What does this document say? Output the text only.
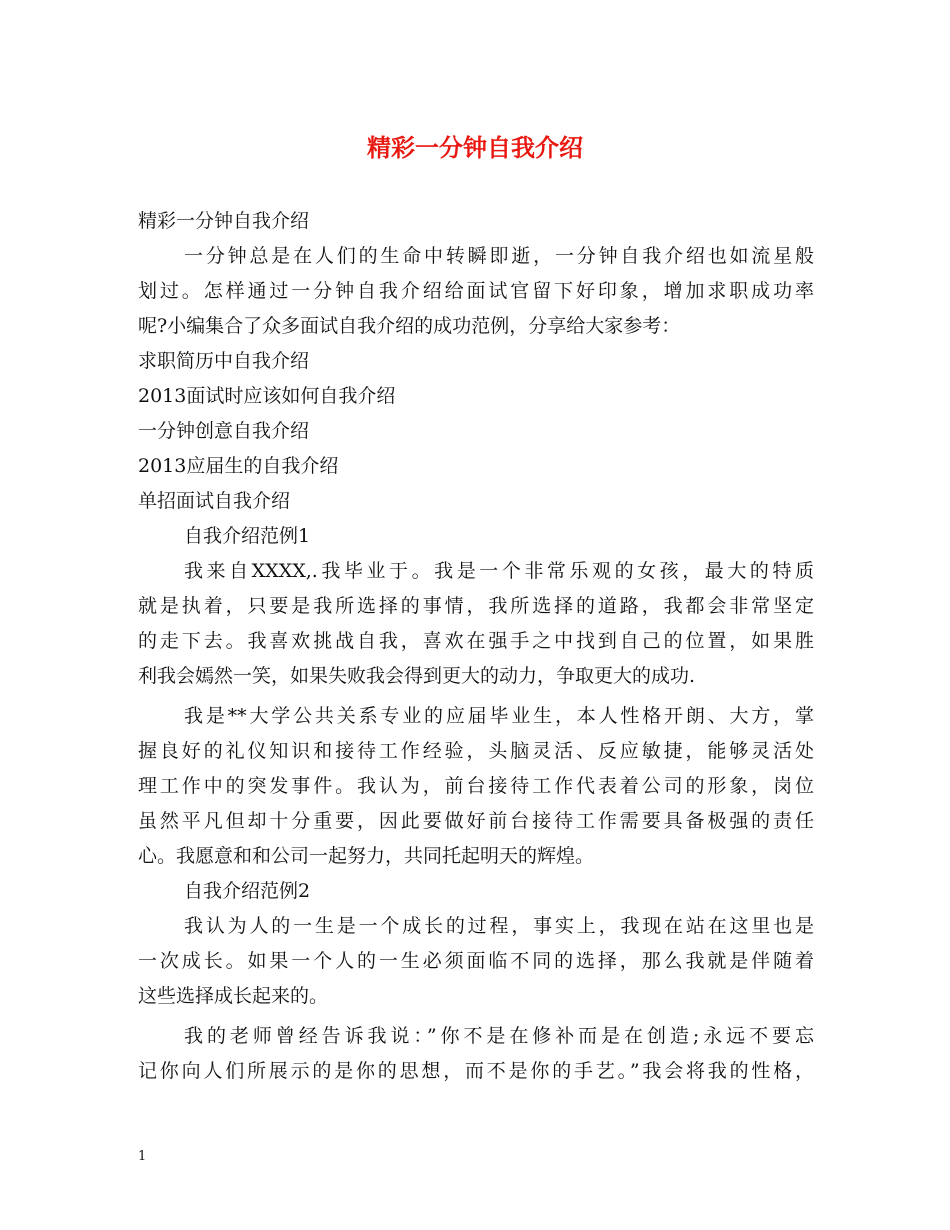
精彩一分钟自我介绍
精彩一分钟自我介绍
一分钟总是在人们的生命中转瞬即逝，一分钟自我介绍也如流星般
划过。怎样通过一分钟自我介绍给面试官留下好印象，增加求职成功率
呢?小编集合了众多面试自我介绍的成功范例，分享给大家参考：
求职简历中自我介绍
2013面试时应该如何自我介绍
一分钟创意自我介绍
2013应届生的自我介绍
单招面试自我介绍
自我介绍范例1
我来自XXXX,.我毕业于。我是一个非常乐观的女孩，最大的特质
就是执着，只要是我所选择的事情，我所选择的道路，我都会非常坚定
的走下去。我喜欢挑战自我，喜欢在强手之中找到自己的位置，如果胜
利我会嫣然一笑，如果失败我会得到更大的动力，争取更大的成功.
我是**大学公共关系专业的应届毕业生，本人性格开朗、大方，掌
握良好的礼仪知识和接待工作经验，头脑灵活、反应敏捷，能够灵活处
理工作中的突发事件。我认为，前台接待工作代表着公司的形象，岗位
虽然平凡但却十分重要，因此要做好前台接待工作需要具备极强的责任
心。我愿意和和公司一起努力，共同托起明天的辉煌。
自我介绍范例2
我认为人的一生是一个成长的过程，事实上，我现在站在这里也是
一次成长。如果一个人的一生必须面临不同的选择，那么我就是伴随着
这些选择成长起来的。
我的老师曾经告诉我说：”你不是在修补而是在创造;永远不要忘
记你向人们所展示的是你的思想，而不是你的手艺。”我会将我的性格，
1
